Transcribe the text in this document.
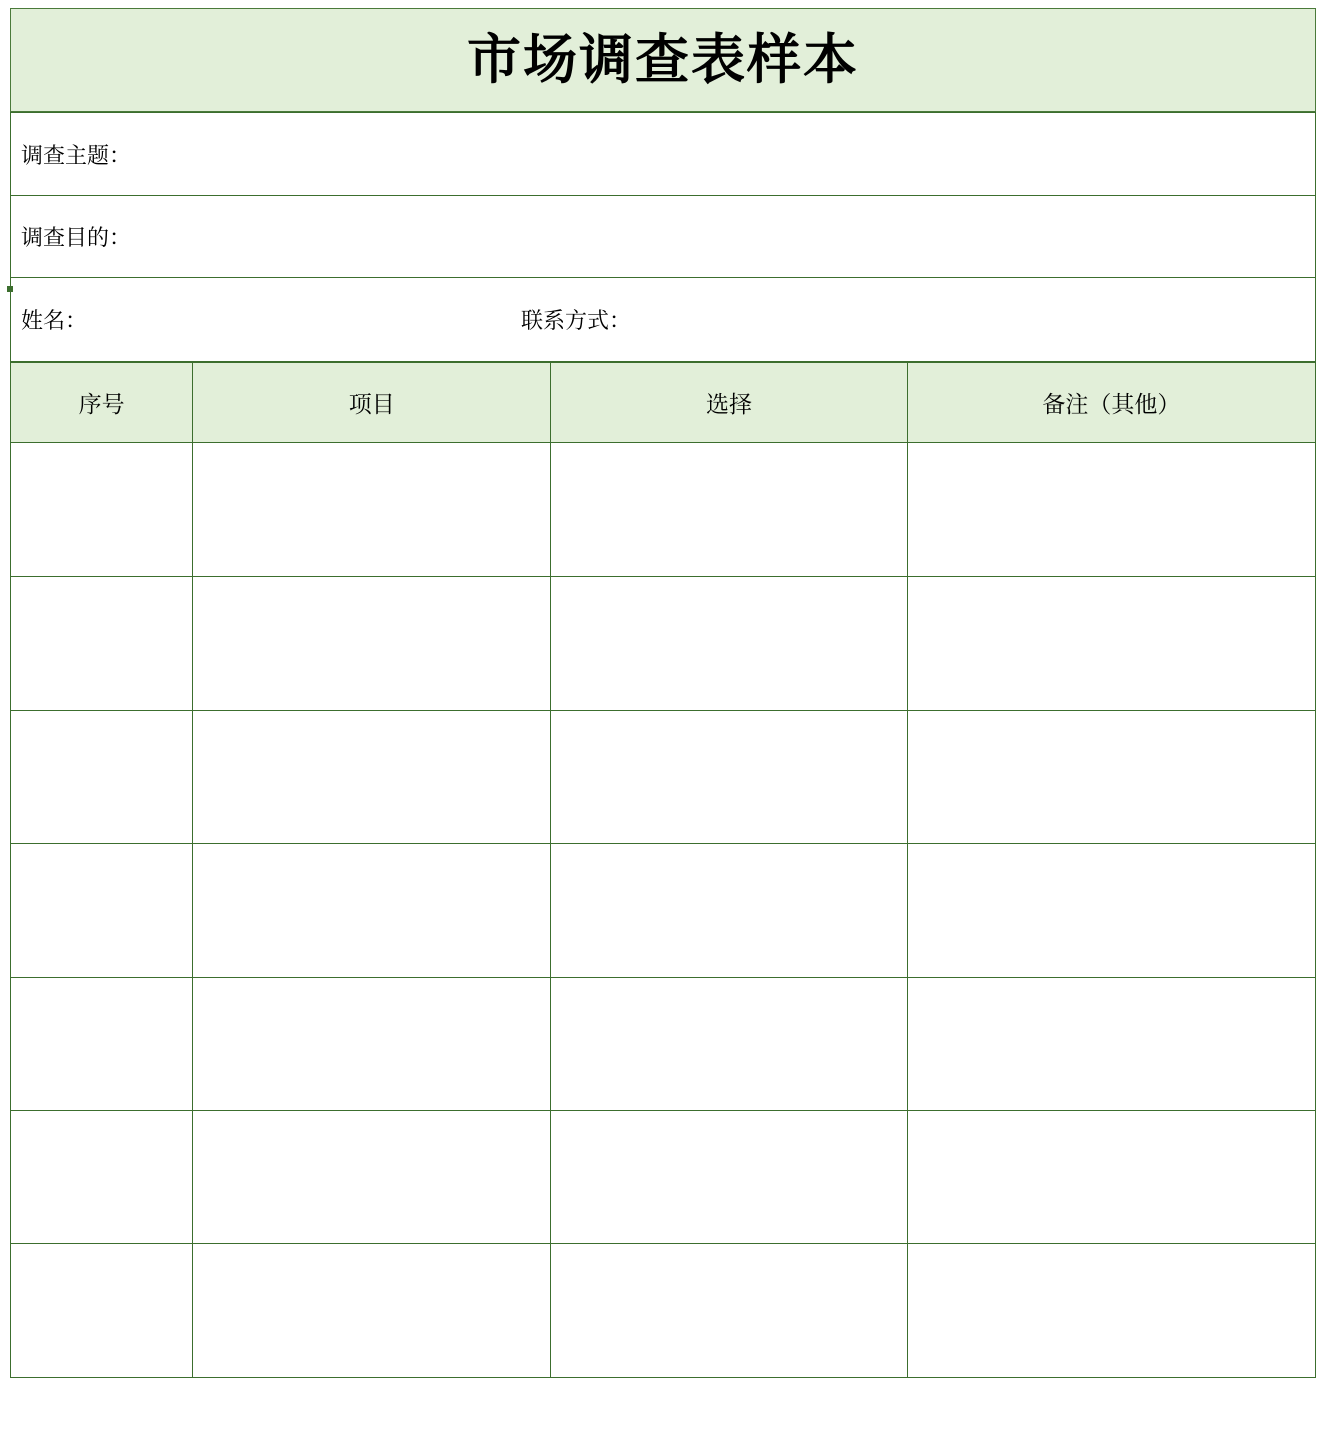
市场调查表样本
调查主题：
调查目的：
姓名：	联系方式：
序号	项目	选择	备注（其他）
